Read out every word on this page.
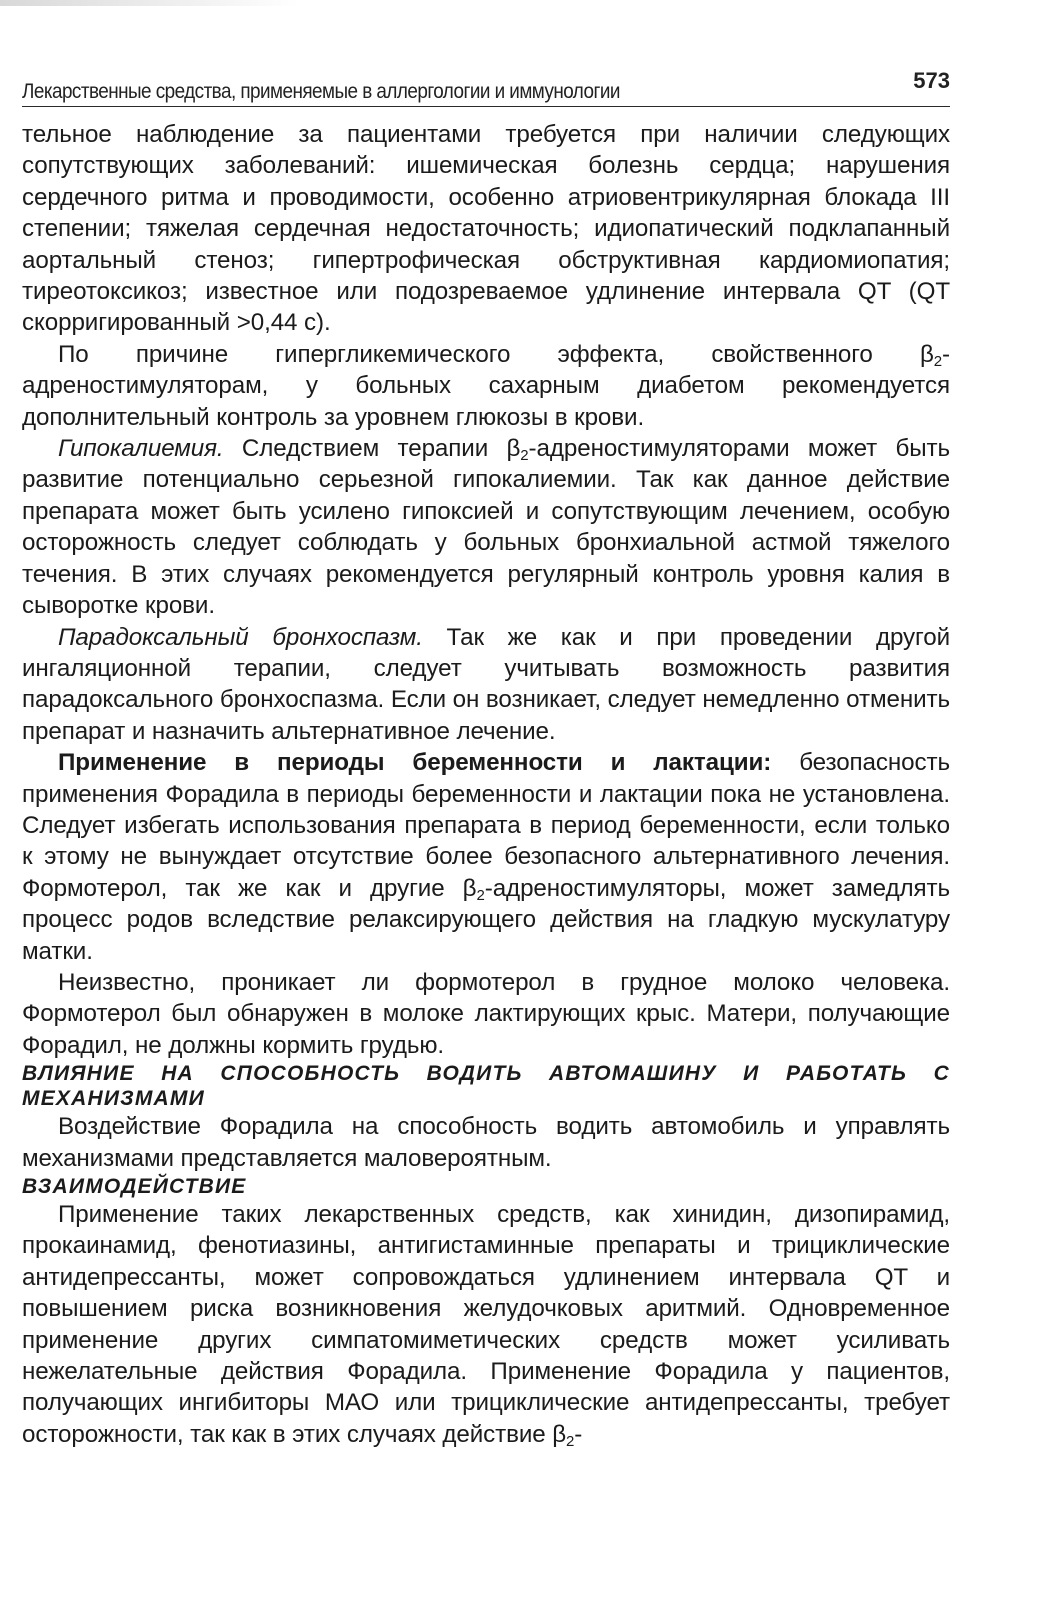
Лекарственные средства, применяемые в аллергологии и иммунологии	573

тельное наблюдение за пациентами требуется при наличии следующих сопутствующих заболеваний: ишемическая болезнь сердца; нарушения сердечного ритма и проводимости, особенно атриовентрикулярная блокада III степении; тяжелая сердечная недостаточность; идиопатический подклапанный аортальный стеноз; гипертрофическая обструктивная кардиомиопатия; тиреотоксикоз; известное или подозреваемое удлинение интервала QT (QT скорригированный >0,44 с).

По причине гипергликемического эффекта, свойственного $\beta_2$-адреностимуляторам, у больных сахарным диабетом рекомендуется дополнительный контроль за уровнем глюкозы в крови.

Гипокалиемия. Следствием терапии $\beta_2$-адреностимуляторами может быть развитие потенциально серьезной гипокалиемии. Так как данное действие препарата может быть усилено гипоксией и сопутствующим лечением, особую осторожность следует соблюдать у больных бронхиальной астмой тяжелого течения. В этих случаях рекомендуется регулярный контроль уровня калия в сыворотке крови.

Парадоксальный бронхоспазм. Так же как и при проведении другой ингаляционной терапии, следует учитывать возможность развития парадоксального бронхоспазма. Если он возникает, следует немедленно отменить препарат и назначить альтернативное лечение.

Применение в периоды беременности и лактации: безопасность применения Форадила в периоды беременности и лактации пока не установлена. Следует избегать использования препарата в период беременности, если только к этому не вынуждает отсутствие более безопасного альтернативного лечения. Формотерол, так же как и другие $\beta_2$-адреностимуляторы, может замедлять процесс родов вследствие релаксирующего действия на гладкую мускулатуру матки.

Неизвестно, проникает ли формотерол в грудное молоко человека. Формотерол был обнаружен в молоке лактирующих крыс. Матери, получающие Форадил, не должны кормить грудью.

ВЛИЯНИЕ НА СПОСОБНОСТЬ ВОДИТЬ АВТОМАШИНУ И РАБОТАТЬ С МЕХАНИЗМАМИ

Воздействие Форадила на способность водить автомобиль и управлять механизмами представляется маловероятным.

ВЗАИМОДЕЙСТВИЕ

Применение таких лекарственных средств, как хинидин, дизопирамид, прокаинамид, фенотиазины, антигистаминные препараты и трициклические антидепрессанты, может сопровождаться удлинением интервала QT и повышением риска возникновения желудочковых аритмий. Одновременное применение других симпатомиметических средств может усиливать нежелательные действия Форадила. Применение Форадила у пациентов, получающих ингибиторы МАО или трициклические антидепрессанты, требует осторожности, так как в этих случаях действие $\beta_2-$
